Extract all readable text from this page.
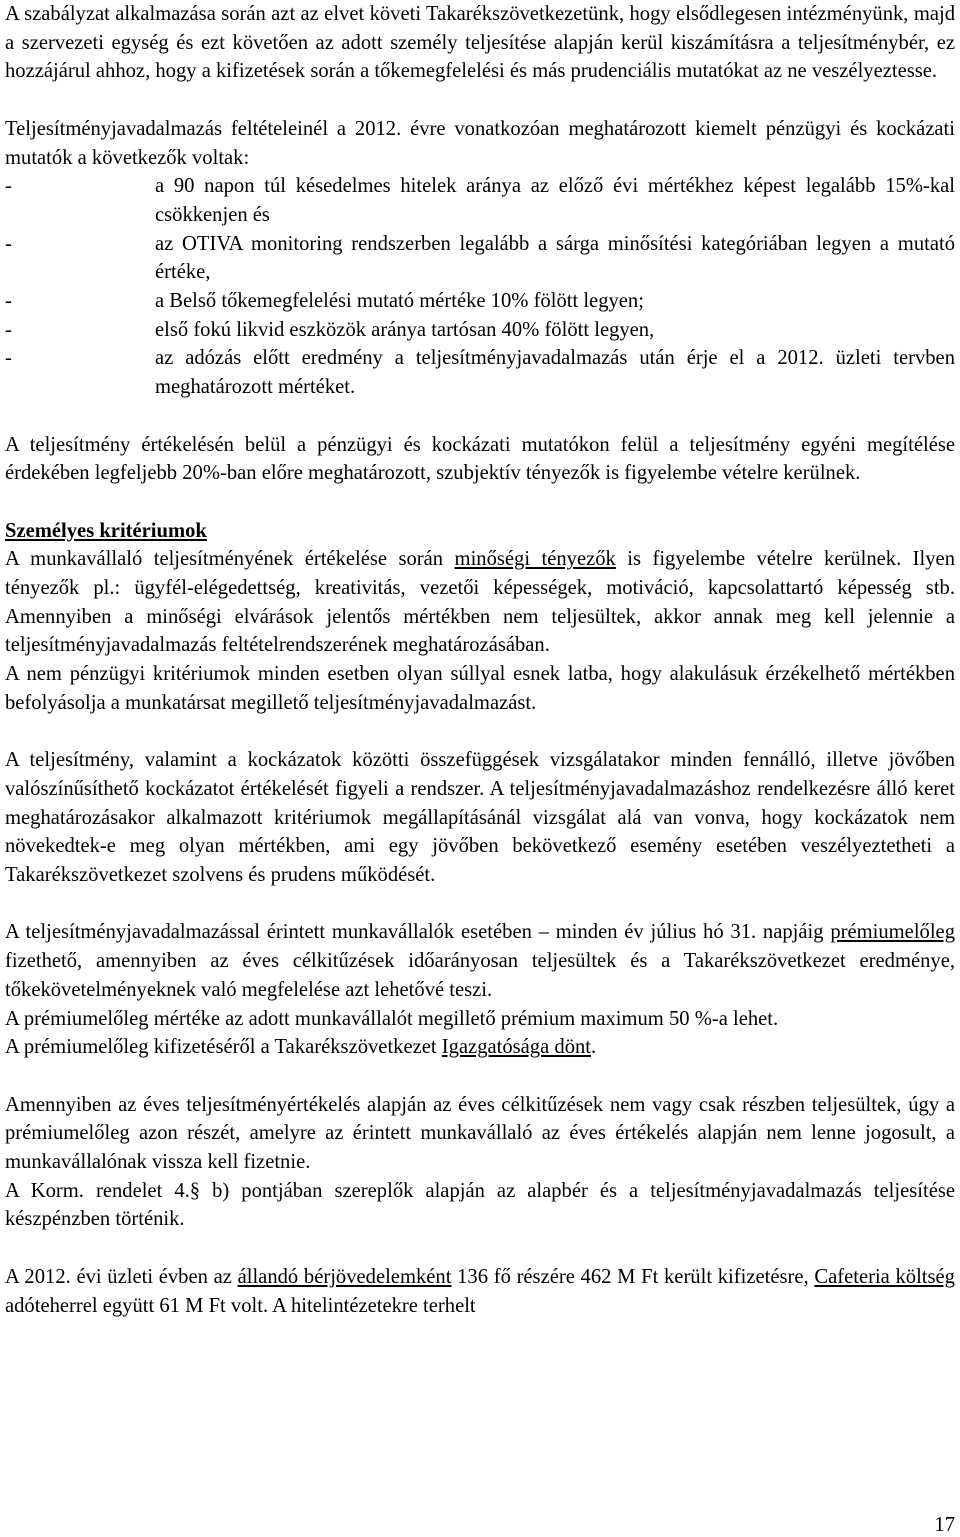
A szabályzat alkalmazása során azt az elvet követi Takarékszövetkezetünk, hogy elsődlegesen intézményünk, majd a szervezeti egység és ezt követően az adott személy teljesítése alapján kerül kiszámításra a teljesítménybér, ez hozzájárul ahhoz, hogy a kifizetések során a tőkemegfelelési és más prudenciális mutatókat az ne veszélyeztesse.

Teljesítményjavadalmazás feltételeinél a 2012. évre vonatkozóan meghatározott kiemelt pénzügyi és kockázati mutatók a következők voltak:

-	a 90 napon túl késedelmes hitelek aránya az előző évi mértékhez képest legalább 15%-kal csökkenjen és
-	az OTIVA monitoring rendszerben legalább a sárga minősítési kategóriában legyen a mutató értéke,
-	a Belső tőkemegfelelési mutató mértéke 10% fölött legyen;
-	első fokú likvid eszközök aránya tartósan 40% fölött legyen,
-	az adózás előtt eredmény a teljesítményjavadalmazás után érje el a 2012. üzleti tervben meghatározott mértéket.

A teljesítmény értékelésén belül a pénzügyi és kockázati mutatókon felül a teljesítmény egyéni megítélése érdekében legfeljebb 20%-ban előre meghatározott, szubjektív tényezők is figyelembe vételre kerülnek.

Személyes kritériumok

A munkavállaló teljesítményének értékelése során minőségi tényezők is figyelembe vételre kerülnek. Ilyen tényezők pl.: ügyfél-elégedettség, kreativitás, vezetői képességek, motiváció, kapcsolattartó képesség stb. Amennyiben a minőségi elvárások jelentős mértékben nem teljesültek, akkor annak meg kell jelennie a teljesítményjavadalmazás feltételrendszerének meghatározásában.

A nem pénzügyi kritériumok minden esetben olyan súllyal esnek latba, hogy alakulásuk érzékelhető mértékben befolyásolja a munkatársat megillető teljesítményjavadalmazást.

A teljesítmény, valamint a kockázatok közötti összefüggések vizsgálatakor minden fennálló, illetve jövőben valószínűsíthető kockázatot értékelését figyeli a rendszer. A teljesítményjavadalmazáshoz rendelkezésre álló keret meghatározásakor alkalmazott kritériumok megállapításánál vizsgálat alá van vonva, hogy kockázatok nem növekedtek-e meg olyan mértékben, ami egy jövőben bekövetkező esemény esetében veszélyeztetheti a Takarékszövetkezet szolvens és prudens működését.

A teljesítményjavadalmazással érintett munkavállalók esetében – minden év július hó 31. napjáig prémiumelőleg fizethető, amennyiben az éves célkitűzések időarányosan teljesültek és a Takarékszövetkezet eredménye, tőkekövetelményeknek való megfelelése azt lehetővé teszi.

A prémiumelőleg mértéke az adott munkavállalót megillető prémium maximum 50 %-a lehet.

A prémiumelőleg kifizetéséről a Takarékszövetkezet Igazgatósága dönt.

Amennyiben az éves teljesítményértékelés alapján az éves célkitűzések nem vagy csak részben teljesültek, úgy a prémiumelőleg azon részét, amelyre az érintett munkavállaló az éves értékelés alapján nem lenne jogosult, a munkavállalónak vissza kell fizetnie.

A Korm. rendelet 4.§ b) pontjában szereplők alapján az alapbér és a teljesítményjavadalmazás teljesítése készpénzben történik.

A 2012. évi üzleti évben az állandó bérjövedelemként 136 fő részére 462 M Ft került kifizetésre, Cafeteria költség adóteherrel együtt 61 M Ft volt. A hitelintézetekre terhelt

17
